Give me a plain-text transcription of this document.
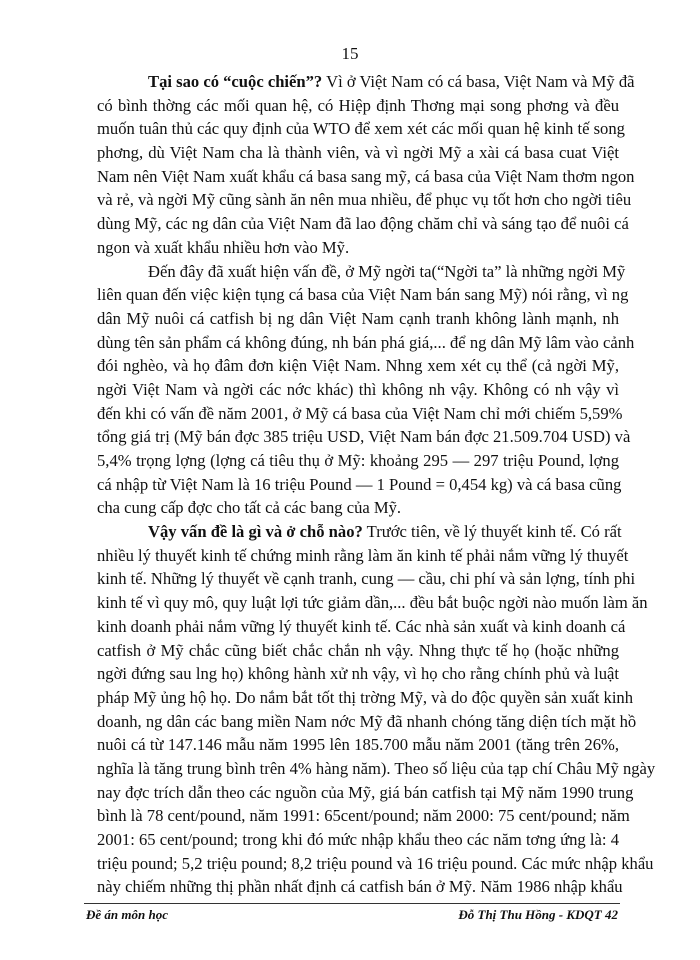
15
Tại sao có “cuộc chiến”? Vì ở Việt Nam có cá basa, Việt Nam và Mỹ đã
có bình thờng các mối quan hệ, có Hiệp định Thơng mại song phơng và đều
muốn tuân thủ các quy định của WTO để xem xét các mối quan hệ kinh tế song
phơng, dù Việt Nam cha là thành viên, và vì ngời Mỹ a xài cá basa cuat Việt
Nam nên Việt Nam xuất khẩu cá basa sang mỹ, cá basa của Việt Nam thơm ngon
và rẻ, và ngời Mỹ cũng sành ăn nên mua nhiều, để phục vụ tốt hơn cho ngời tiêu
dùng Mỹ, các ng dân của Việt Nam đã lao động chăm chỉ và sáng tạo để nuôi cá
ngon và xuất khẩu nhiều hơn vào Mỹ.
Đến đây đã xuất hiện vấn đề, ở Mỹ ngời ta(“Ngời ta” là những ngời Mỹ
liên quan đến việc kiện tụng cá basa của Việt Nam bán sang Mỹ) nói rằng, vì ng
dân Mỹ nuôi cá catfish bị ng dân Việt Nam cạnh tranh không lành mạnh, nh
dùng tên sản phẩm cá không đúng, nh bán phá giá,... để ng dân Mỹ lâm vào cảnh
đói nghèo, và họ đâm đơn kiện Việt Nam. Nhng xem xét cụ thể (cả ngời Mỹ,
ngời Việt Nam và ngời các nớc khác) thì không nh vậy. Không có nh vậy vì
đến khi có vấn đề năm 2001, ở Mỹ cá basa của Việt Nam chỉ mới chiếm 5,59%
tổng giá trị (Mỹ bán đợc 385 triệu USD, Việt Nam bán đợc 21.509.704 USD) và
5,4% trọng lợng (lợng cá tiêu thụ ở Mỹ: khoảng 295 — 297 triệu Pound, lợng
cá nhập từ Việt Nam là 16 triệu Pound — 1 Pound = 0,454 kg) và cá basa cũng
cha cung cấp đợc cho tất cả các bang của Mỹ.
Vậy vấn đề là gì và ở chỗ nào? Trước tiên, về lý thuyết kinh tế. Có rất
nhiều lý thuyết kinh tế chứng minh rằng làm ăn kinh tế phải nắm vững lý thuyết
kinh tế. Những lý thuyết về cạnh tranh, cung — cầu, chi phí và sản lợng, tính phi
kinh tế vì quy mô, quy luật lợi tức giảm dần,... đều bắt buộc ngời nào muốn làm ăn
kinh doanh phải nắm vững lý thuyết kinh tế. Các nhà sản xuất và kinh doanh cá
catfish ở Mỹ chắc cũng biết chắc chắn nh vậy. Nhng thực tế họ (hoặc những
ngời đứng sau lng họ) không hành xử nh vậy, vì họ cho rằng chính phủ và luật
pháp Mỹ ủng hộ họ. Do nắm bắt tốt thị trờng Mỹ, và do độc quyền sản xuất kinh
doanh, ng dân các bang miền Nam nớc Mỹ đã nhanh chóng tăng diện tích mặt hồ
nuôi cá từ 147.146 mẫu năm 1995 lên 185.700 mẫu năm 2001 (tăng trên 26%,
nghĩa là tăng trung bình trên 4% hàng năm). Theo số liệu của tạp chí Châu Mỹ ngày
nay đợc trích dẫn theo các nguồn của Mỹ, giá bán catfish tại Mỹ năm 1990 trung
bình là 78 cent/pound, năm 1991: 65cent/pound; năm 2000: 75 cent/pound; năm
2001: 65 cent/pound; trong khi đó mức nhập khẩu theo các năm tơng ứng là: 4
triệu pound; 5,2 triệu pound; 8,2 triệu pound và 16 triệu pound. Các mức nhập khẩu
này chiếm những thị phần nhất định cá catfish bán ở Mỹ. Năm 1986 nhập khẩu
Đề án môn học	Đỗ Thị Thu Hồng - KDQT 42
